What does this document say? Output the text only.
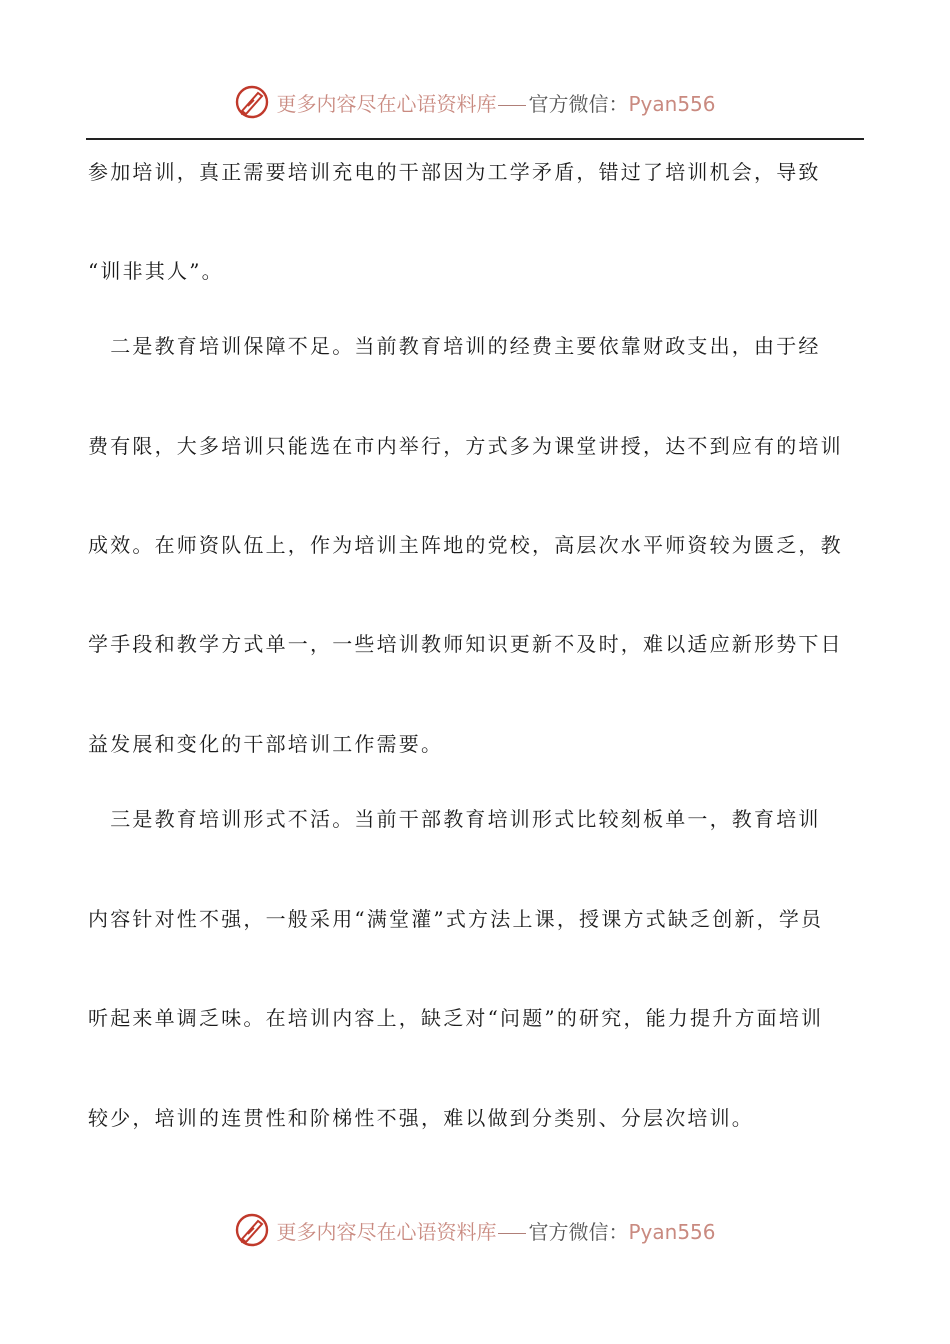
更多内容尽在心语资料库 官方微信：Pyan556
参加培训，真正需要培训充电的干部因为工学矛盾，错过了培训机会，导致
“训非其人”。
　二是教育培训保障不足。当前教育培训的经费主要依靠财政支出，由于经
费有限，大多培训只能选在市内举行，方式多为课堂讲授，达不到应有的培训
成效。在师资队伍上，作为培训主阵地的党校，高层次水平师资较为匮乏，教
学手段和教学方式单一，一些培训教师知识更新不及时，难以适应新形势下日
益发展和变化的干部培训工作需要。
　三是教育培训形式不活。当前干部教育培训形式比较刻板单一，教育培训
内容针对性不强，一般采用“满堂灌”式方法上课，授课方式缺乏创新，学员
听起来单调乏味。在培训内容上，缺乏对“问题”的研究，能力提升方面培训
较少，培训的连贯性和阶梯性不强，难以做到分类别、分层次培训。
更多内容尽在心语资料库 官方微信：Pyan556
